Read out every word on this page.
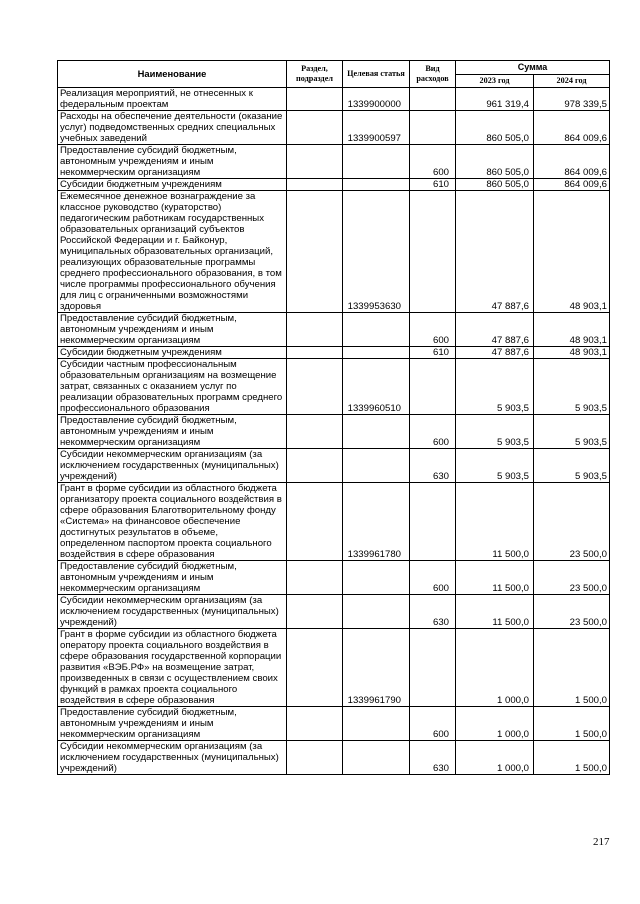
Наименование	Раздел, подраздел	Целевая статья	Вид расходов	Сумма	
				2023 год	2024 год
Реализация мероприятий, не отнесенных к федеральным проектам		1339900000		961 319,4	978 339,5
Расходы на обеспечение деятельности (оказание услуг) подведомственных средних специальных учебных заведений		1339900597		860 505,0	864 009,6
Предоставление субсидий бюджетным, автономным учреждениям и иным некоммерческим организациям			600	860 505,0	864 009,6
Субсидии бюджетным учреждениям			610	860 505,0	864 009,6
Ежемесячное денежное вознаграждение за классное руководство (кураторство) педагогическим работникам государственных образовательных организаций субъектов Российской Федерации и г. Байконур, муниципальных образовательных организаций, реализующих образовательные программы среднего профессионального образования, в том числе программы профессионального обучения для лиц с ограниченными возможностями здоровья		1339953630		47 887,6	48 903,1
Предоставление субсидий бюджетным, автономным учреждениям и иным некоммерческим организациям			600	47 887,6	48 903,1
Субсидии бюджетным учреждениям			610	47 887,6	48 903,1
Субсидии частным профессиональным образовательным организациям на возмещение затрат, связанных с оказанием услуг по реализации образовательных программ среднего профессионального образования		1339960510		5 903,5	5 903,5
Предоставление субсидий бюджетным, автономным учреждениям и иным некоммерческим организациям			600	5 903,5	5 903,5
Субсидии некоммерческим организациям (за исключением государственных (муниципальных) учреждений)			630	5 903,5	5 903,5
Грант в форме субсидии из областного бюджета организатору проекта социального воздействия в сфере образования Благотворительному фонду «Система» на финансовое обеспечение достигнутых результатов в объеме, определенном паспортом проекта социального воздействия в сфере образования		1339961780		11 500,0	23 500,0
Предоставление субсидий бюджетным, автономным учреждениям и иным некоммерческим организациям			600	11 500,0	23 500,0
Субсидии некоммерческим организациям (за исключением государственных (муниципальных) учреждений)			630	11 500,0	23 500,0
Грант в форме субсидии из областного бюджета оператору проекта социального воздействия в сфере образования государственной корпорации развития «ВЭБ.РФ» на возмещение затрат, произведенных в связи с осуществлением своих функций в рамках проекта социального воздействия в сфере образования		1339961790		1 000,0	1 500,0
Предоставление субсидий бюджетным, автономным учреждениям и иным некоммерческим организациям			600	1 000,0	1 500,0
Субсидии некоммерческим организациям (за исключением государственных (муниципальных) учреждений)			630	1 000,0	1 500,0
217
